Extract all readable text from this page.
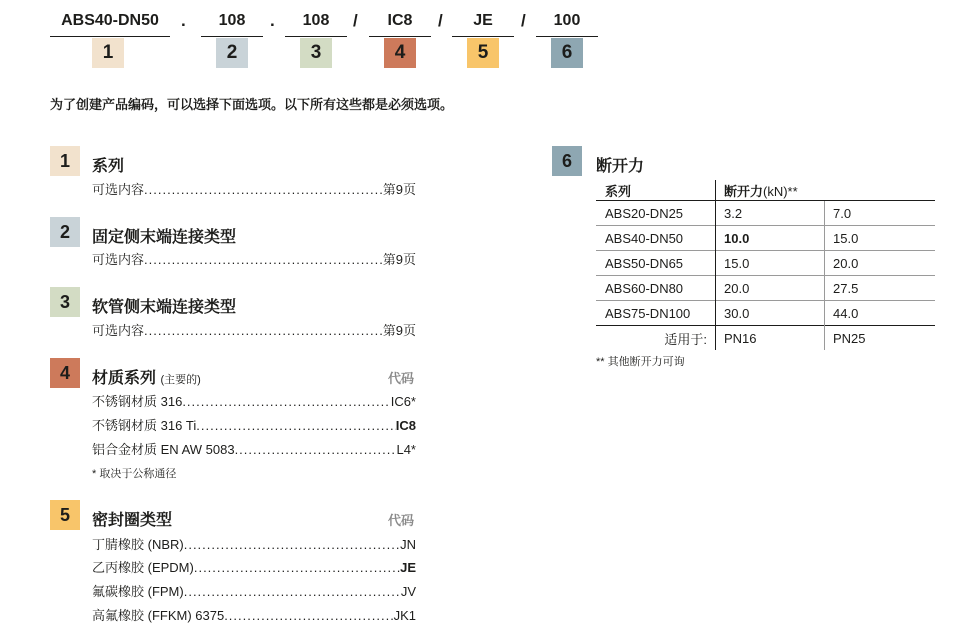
ABS40-DN50	.	108	.	108	/	IC8	/	JE	/	100
1	2	3	4	5	6
为了创建产品编码，可以选择下面选项。以下所有这些都是必须选项。
1	系列
可选内容 .....	第9页
2	固定侧末端连接类型
可选内容 .....	第9页
3	软管侧末端连接类型
可选内容 .....	第9页
4	材质系列 (主要的)	代码
不锈钢材质 316 .....	IC6*
不锈钢材质 316 Ti .....	IC8
铝合金材质 EN AW 5083 .....	L4*
* 取决于公称通径
5	密封圈类型	代码
丁腈橡胶 (NBR) .....	JN
乙丙橡胶 (EPDM) .....	JE
氟碳橡胶 (FPM) .....	JV
高氟橡胶 (FFKM) 6375 .....	JK1
6	断开力
系列	断开力(kN)**	
ABS20-DN25	3.2	7.0
ABS40-DN50	10.0	15.0
ABS50-DN65	15.0	20.0
ABS60-DN80	20.0	27.5
ABS75-DN100	30.0	44.0
适用于:	PN16	PN25
** 其他断开力可询
